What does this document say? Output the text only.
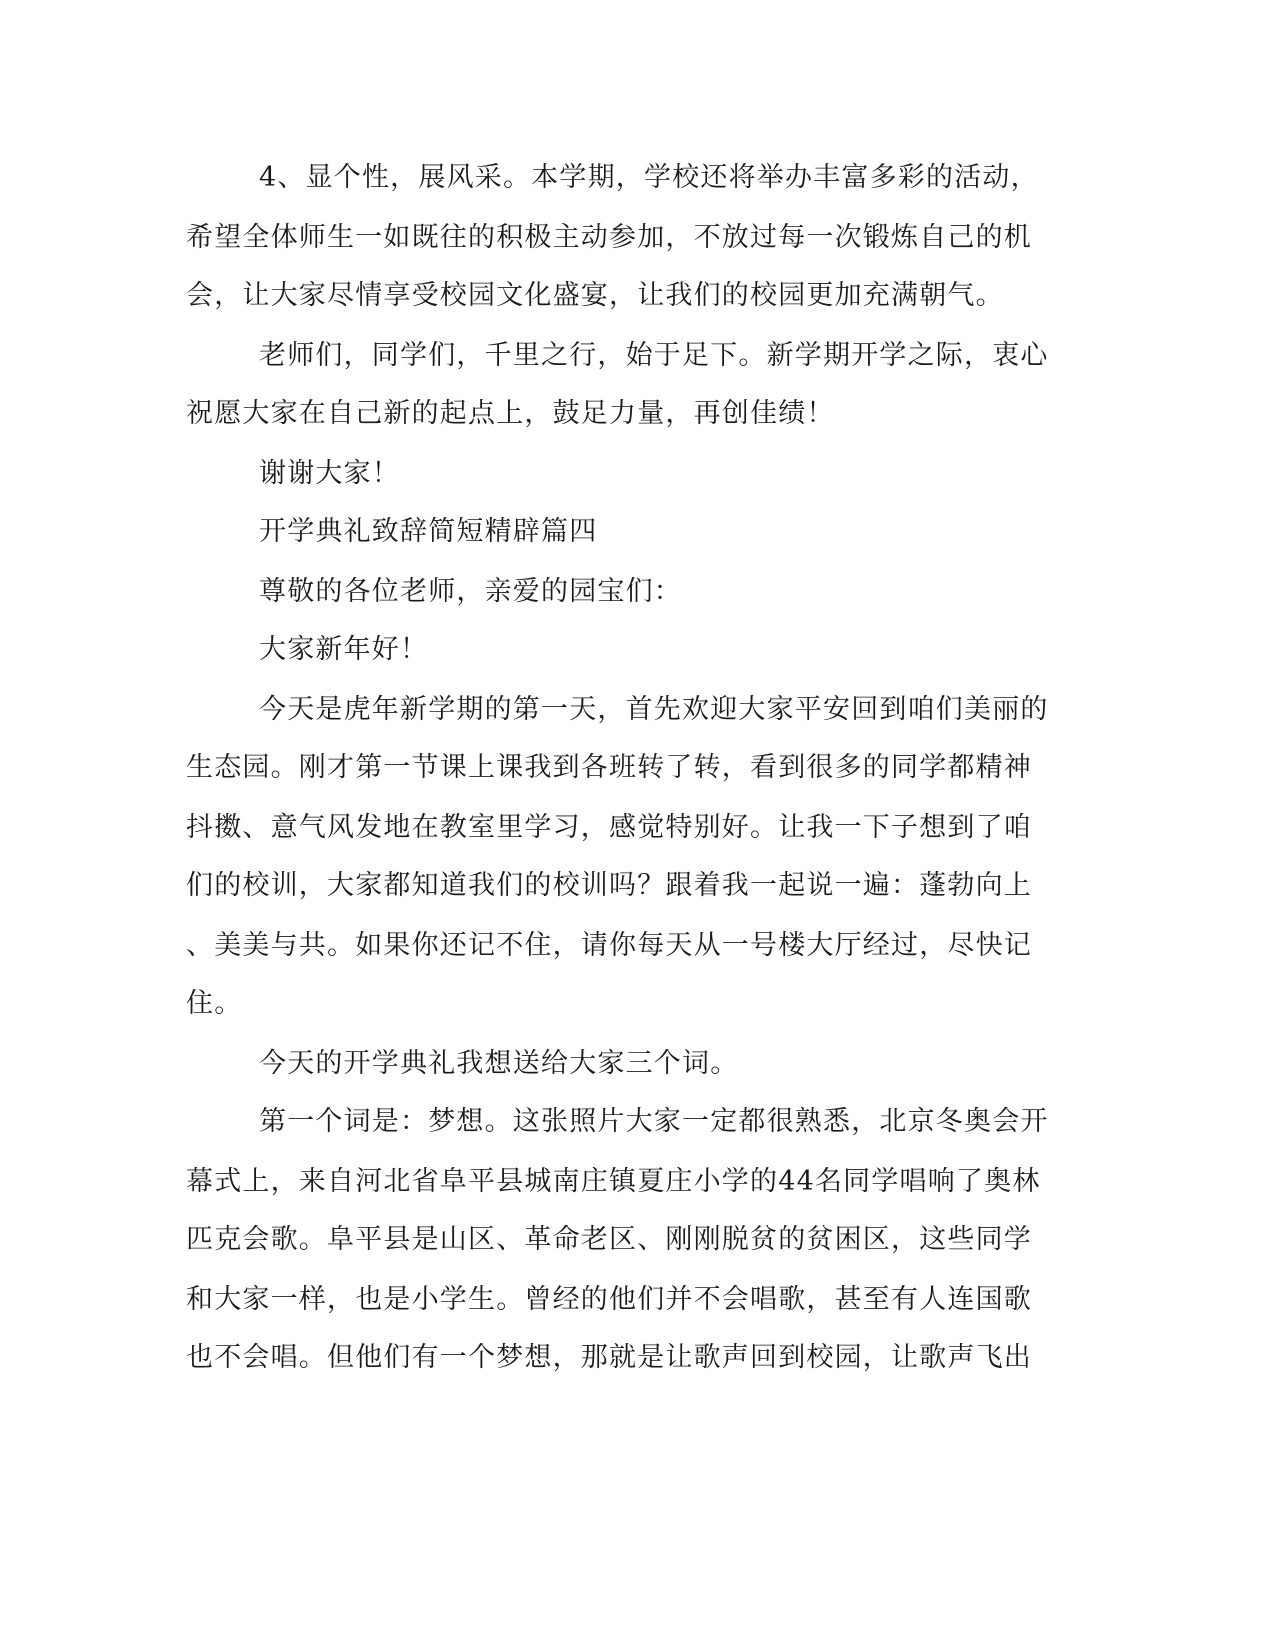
4、显个性，展风采。本学期，学校还将举办丰富多彩的活动，
希望全体师生一如既往的积极主动参加，不放过每一次锻炼自己的机
会，让大家尽情享受校园文化盛宴，让我们的校园更加充满朝气。
老师们，同学们，千里之行，始于足下。新学期开学之际，衷心
祝愿大家在自己新的起点上，鼓足力量，再创佳绩！
谢谢大家！
开学典礼致辞简短精辟篇四
尊敬的各位老师，亲爱的园宝们：
大家新年好！
今天是虎年新学期的第一天，首先欢迎大家平安回到咱们美丽的
生态园。刚才第一节课上课我到各班转了转，看到很多的同学都精神
抖擞、意气风发地在教室里学习，感觉特别好。让我一下子想到了咱
们的校训，大家都知道我们的校训吗？跟着我一起说一遍：蓬勃向上
、美美与共。如果你还记不住，请你每天从一号楼大厅经过，尽快记
住。
今天的开学典礼我想送给大家三个词。
第一个词是：梦想。这张照片大家一定都很熟悉，北京冬奥会开
幕式上，来自河北省阜平县城南庄镇夏庄小学的44名同学唱响了奥林
匹克会歌。阜平县是山区、革命老区、刚刚脱贫的贫困区，这些同学
和大家一样，也是小学生。曾经的他们并不会唱歌，甚至有人连国歌
也不会唱。但他们有一个梦想，那就是让歌声回到校园，让歌声飞出
